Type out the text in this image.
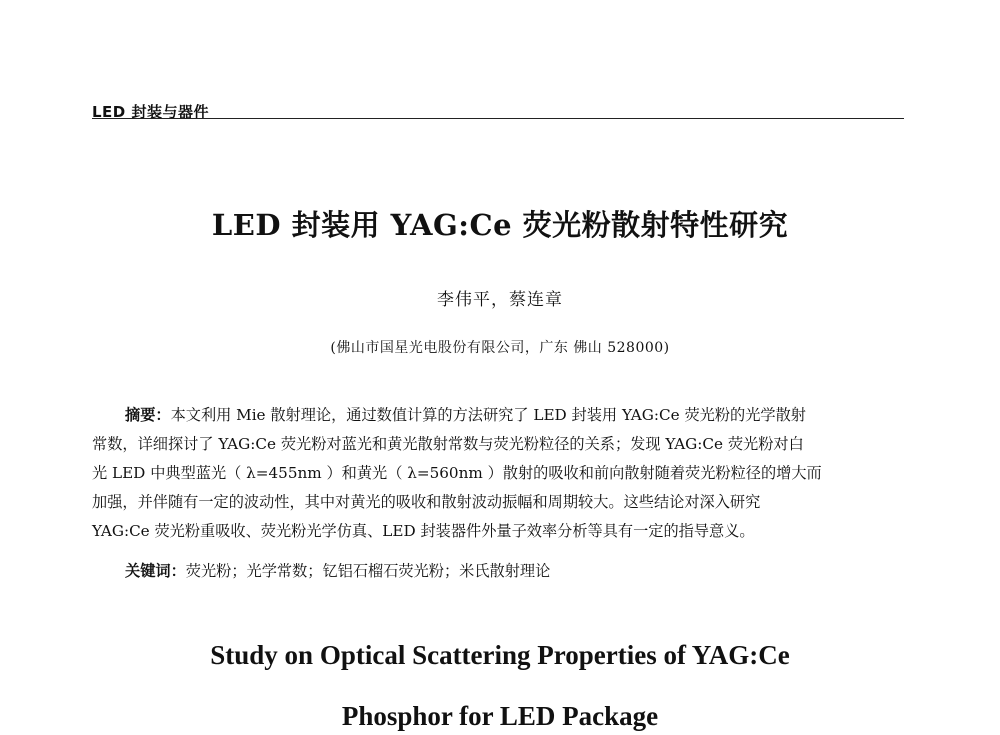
LED 封装与器件
LED 封装用 YAG:Ce 荧光粉散射特性研究
李伟平，蔡连章
(佛山市国星光电股份有限公司，广东 佛山 528000)
摘要：本文利用 Mie 散射理论，通过数值计算的方法研究了 LED 封装用 YAG:Ce 荧光粉的光学散射
常数，详细探讨了 YAG:Ce 荧光粉对蓝光和黄光散射常数与荧光粉粒径的关系；发现 YAG:Ce 荧光粉对白
光 LED 中典型蓝光（ λ=455nm ）和黄光（ λ=560nm ）散射的吸收和前向散射随着荧光粉粒径的增大而
加强，并伴随有一定的波动性，其中对黄光的吸收和散射波动振幅和周期较大。这些结论对深入研究
YAG:Ce 荧光粉重吸收、荧光粉光学仿真、LED 封装器件外量子效率分析等具有一定的指导意义。
关键词：荧光粉；光学常数；钇铝石榴石荧光粉；米氏散射理论
Study on Optical Scattering Properties of YAG:Ce
Phosphor for LED Package
